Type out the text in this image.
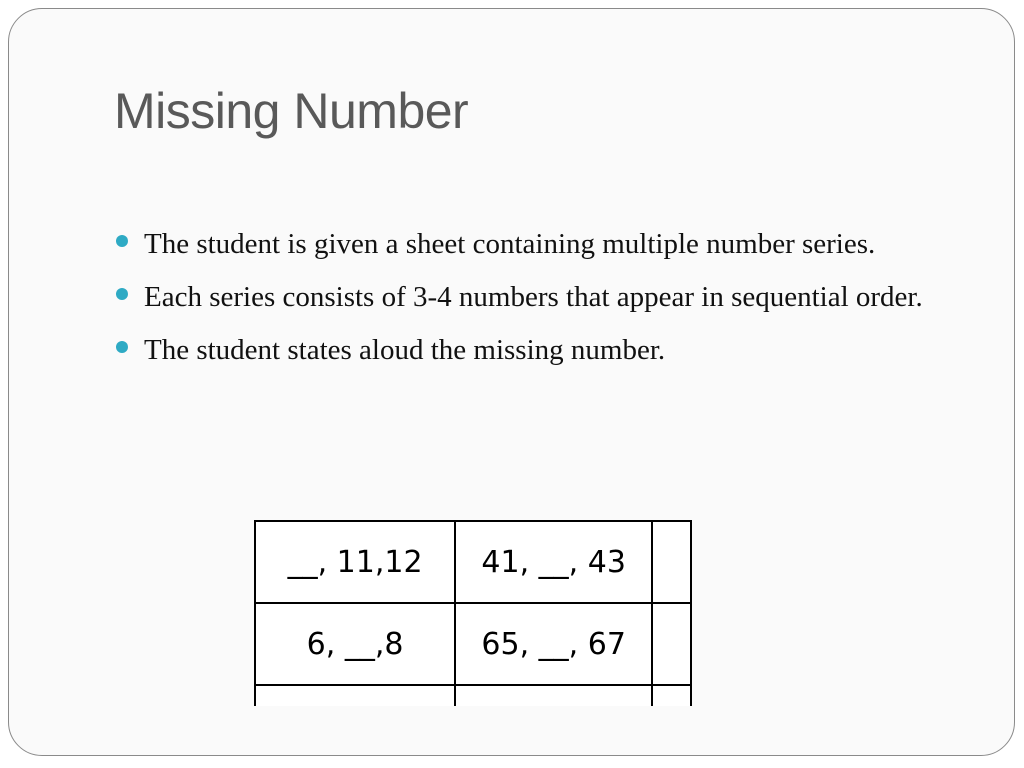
Missing Number
The student is given a sheet containing multiple number series.
Each series consists of 3-4 numbers that appear in sequential order.
The student states aloud the missing number.
__, 11,12	41, __, 43	
6, __,8	65, __, 67	
